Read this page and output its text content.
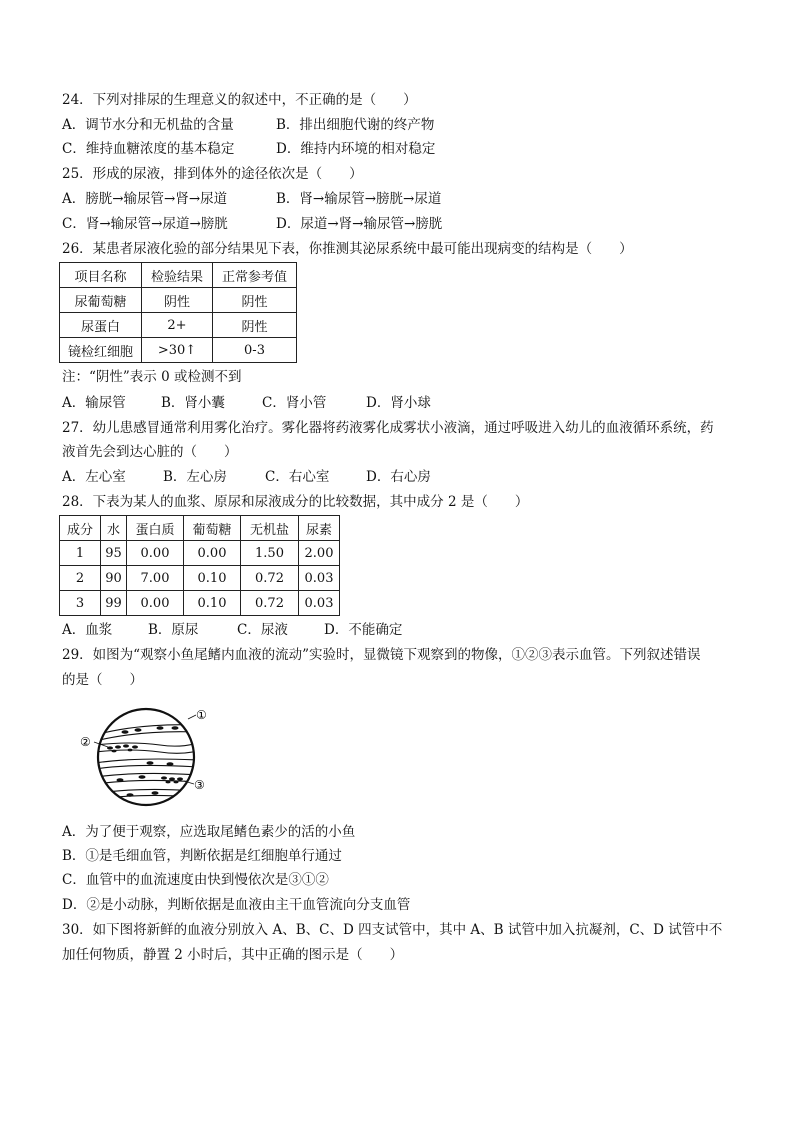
24．下列对排尿的生理意义的叙述中，不正确的是（　　）
A．调节水分和无机盐的含量	B．排出细胞代谢的终产物
C．维持血糖浓度的基本稳定	D．维持内环境的相对稳定
25．形成的尿液，排到体外的途径依次是（　　）
A．膀胱→输尿管→肾→尿道	B．肾→输尿管→膀胱→尿道
C．肾→输尿管→尿道→膀胱	D．尿道→肾→输尿管→膀胱
26．某患者尿液化验的部分结果见下表，你推测其泌尿系统中最可能出现病变的结构是（　　）
项目名称	检验结果	正常参考值
尿葡萄糖	阴性	阴性
尿蛋白	2+	阴性
镜检红细胞	>30↑	0-3
注：“阴性”表示 0 或检测不到
A．输尿管	B．肾小囊	C．肾小管	D．肾小球
27．幼儿患感冒通常利用雾化治疗。雾化器将药液雾化成雾状小液滴，通过呼吸进入幼儿的血液循环系统，药
液首先会到达心脏的（　　）
A．左心室	B．左心房	C．右心室	D．右心房
28．下表为某人的血浆、原尿和尿液成分的比较数据，其中成分 2 是（　　）
成分	水	蛋白质	葡萄糖	无机盐	尿素
1	95	0.00	0.00	1.50	2.00
2	90	7.00	0.10	0.72	0.03
3	99	0.00	0.10	0.72	0.03
A．血浆	B．原尿	C．尿液	D．不能确定
29．如图为“观察小鱼尾鳍内血液的流动”实验时，显微镜下观察到的物像，①②③表示血管。下列叙述错误
的是（　　）
①
②
③
A．为了便于观察，应选取尾鳍色素少的活的小鱼
B．①是毛细血管，判断依据是红细胞单行通过
C．血管中的血流速度由快到慢依次是③①②
D．②是小动脉，判断依据是血液由主干血管流向分支血管
30．如下图将新鲜的血液分别放入 A、B、C、D 四支试管中，其中 A、B 试管中加入抗凝剂，C、D 试管中不
加任何物质，静置 2 小时后，其中正确的图示是（　　）
